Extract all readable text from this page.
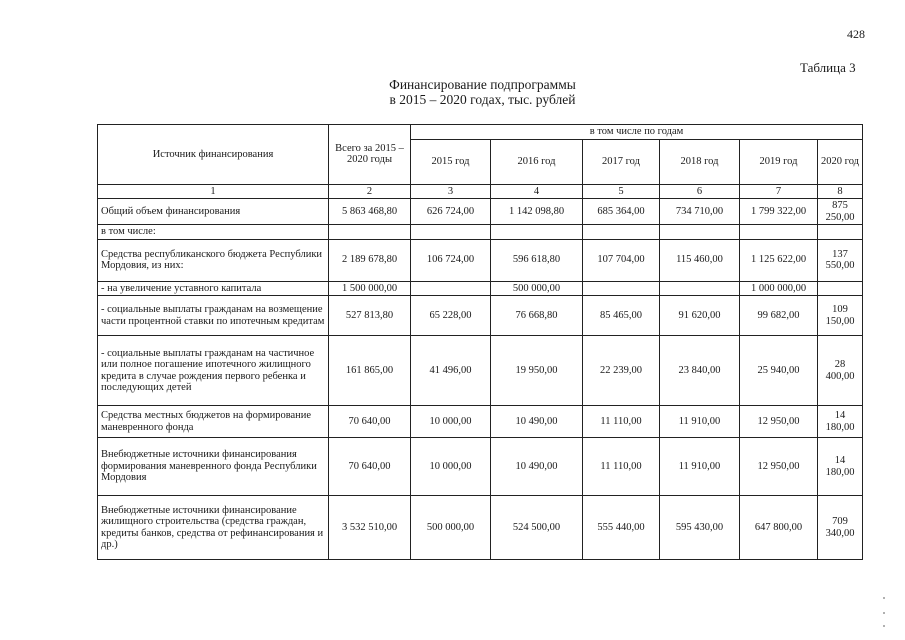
428
Таблица 3
Финансирование подпрограммы
в 2015 – 2020 годах, тыс. рублей
Источник финансирования	Всего за 2015 – 2020 годы	в том числе по годам					
		2015 год	2016 год	2017 год	2018 год	2019 год	2020 год
1	2	3	4	5	6	7	8
Общий объем финансирования	5 863 468,80	626 724,00	1 142 098,80	685 364,00	734 710,00	1 799 322,00	875 250,00
в том числе:							
Средства республиканского бюджета Республики Мордовия, из них:	2 189 678,80	106 724,00	596 618,80	107 704,00	115 460,00	1 125 622,00	137 550,00
- на увеличение уставного капитала	1 500 000,00		500 000,00			1 000 000,00	
- социальные выплаты гражданам на возмещение части процентной ставки по ипотечным кредитам	527 813,80	65 228,00	76 668,80	85 465,00	91 620,00	99 682,00	109 150,00
- социальные выплаты гражданам на частичное или полное погашение ипотечного жилищного кредита в случае рождения первого ребенка и последующих детей	161 865,00	41 496,00	19 950,00	22 239,00	23 840,00	25 940,00	28 400,00
Средства местных бюджетов на формирование маневренного фонда	70 640,00	10 000,00	10 490,00	11 110,00	11 910,00	12 950,00	14 180,00
Внебюджетные источники финансирования формирования маневренного фонда Республики Мордовия	70 640,00	10 000,00	10 490,00	11 110,00	11 910,00	12 950,00	14 180,00
Внебюджетные источники финансирование жилищного строительства (средства граждан, кредиты банков, средства от рефинансирования и др.)	3 532 510,00	500 000,00	524 500,00	555 440,00	595 430,00	647 800,00	709 340,00
